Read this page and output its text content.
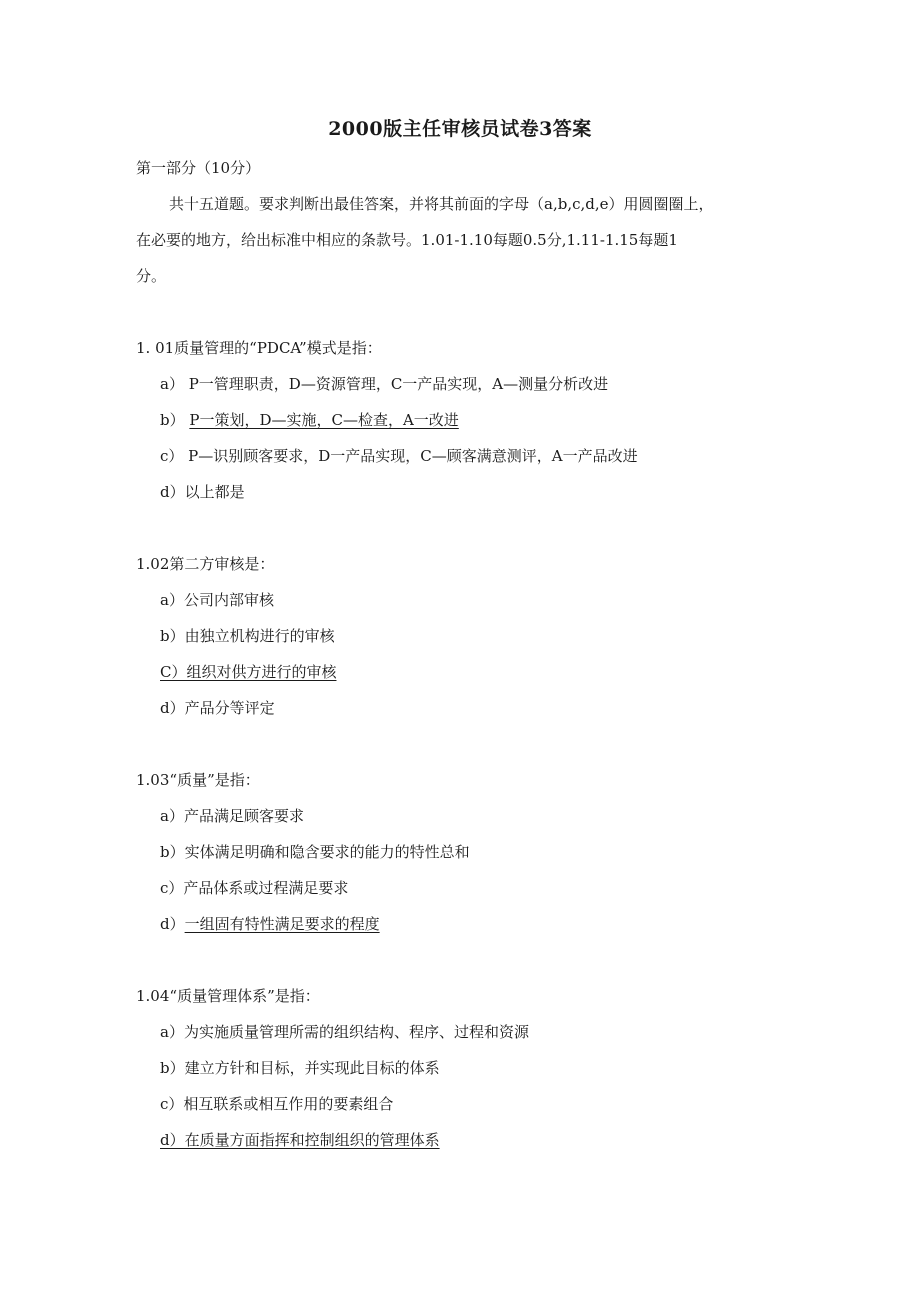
2000版主任审核员试卷3答案
第一部分（10分）
共十五道题。要求判断出最佳答案，并将其前面的字母（a,b,c,d,e）用圆圈圈上，
在必要的地方，给出标准中相应的条款号。1.01-1.10每题0.5分,1.11-1.15每题1
分。
1. 01质量管理的“PDCA”模式是指：
a） P一管理职责，D—资源管理，C一产品实现，A—测量分析改进
b） P一策划，D—实施，C—检查，A一改进
c） P—识别顾客要求，D一产品实现，C—顾客满意测评，A一产品改进
d）以上都是
1.02第二方审核是：
a）公司内部审核
b）由独立机构进行的审核
C）组织对供方进行的审核
d）产品分等评定
1.03“质量”是指：
a）产品满足顾客要求
b）实体满足明确和隐含要求的能力的特性总和
c）产品体系或过程满足要求
d）一组固有特性满足要求的程度
1.04“质量管理体系”是指：
a）为实施质量管理所需的组织结构、程序、过程和资源
b）建立方针和目标，并实现此目标的体系
c）相互联系或相互作用的要素组合
d）在质量方面指挥和控制组织的管理体系
